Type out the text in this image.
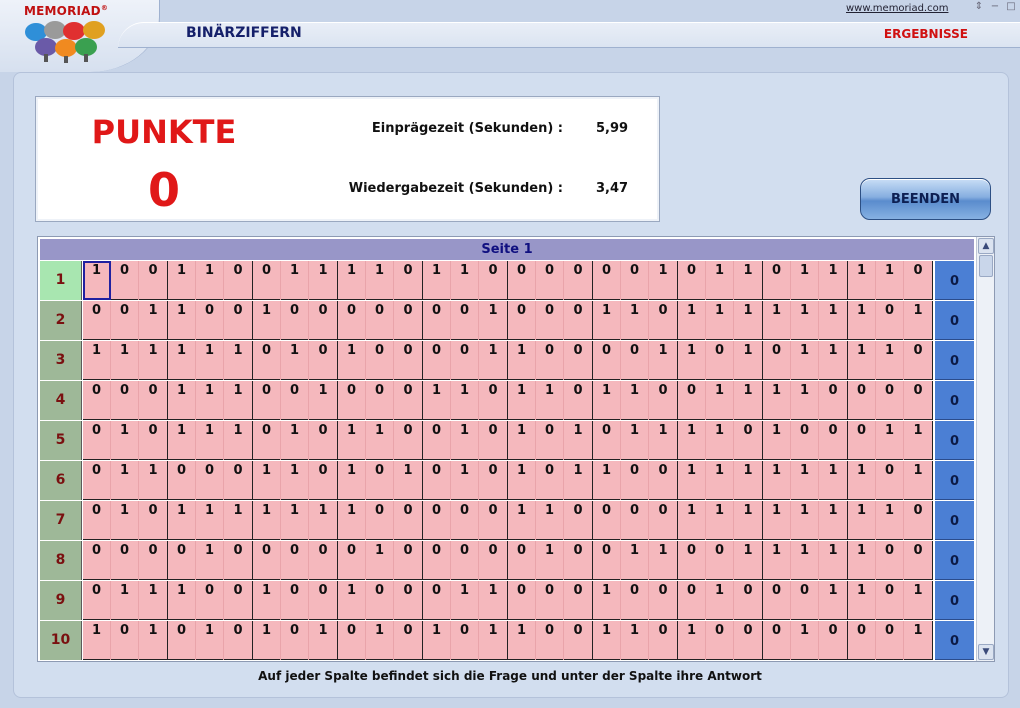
MEMORIAD®
BINÄRZIFFERN	ERGEBNISSE
www.memoriad.com	⇕ − □
PUNKTE
0
Einprägezeit (Sekunden) :	5,99
Wiedergabezeit (Sekunden) :	3,47
BEENDEN
Seite 1
1
1	0	0	1	1	0	0	1	1	1	1	0	1	1	0	0	0	0	0	0	1	0	1	1	0	1	1	1	1	0
0
2
0	0	1	1	0	0	1	0	0	0	0	0	0	0	1	0	0	0	1	1	0	1	1	1	1	1	1	1	0	1
0
3
1	1	1	1	1	1	0	1	0	1	0	0	0	0	1	1	0	0	0	0	1	1	0	1	0	1	1	1	1	0
0
4
0	0	0	1	1	1	0	0	1	0	0	0	1	1	0	1	1	0	1	1	0	0	1	1	1	1	0	0	0	0
0
5
0	1	0	1	1	1	0	1	0	1	1	0	0	1	0	1	0	1	0	1	1	1	1	0	1	0	0	0	1	1
0
6
0	1	1	0	0	0	1	1	0	1	0	1	0	1	0	1	0	1	1	0	0	1	1	1	1	1	1	1	0	1
0
7
0	1	0	1	1	1	1	1	1	1	0	0	0	0	0	1	1	0	0	0	0	1	1	1	1	1	1	1	1	0
0
8
0	0	0	0	1	0	0	0	0	0	1	0	0	0	0	0	1	0	0	1	1	0	0	1	1	1	1	1	0	0
0
9
0	1	1	1	0	0	1	0	0	1	0	0	0	1	1	0	0	0	1	0	0	0	1	0	0	0	1	1	0	1
0
10
1	0	1	0	1	0	1	0	1	0	1	0	1	0	1	1	0	0	1	1	0	1	0	0	0	1	0	0	0	1
0
▲
▼
Auf jeder Spalte befindet sich die Frage und unter der Spalte ihre Antwort
